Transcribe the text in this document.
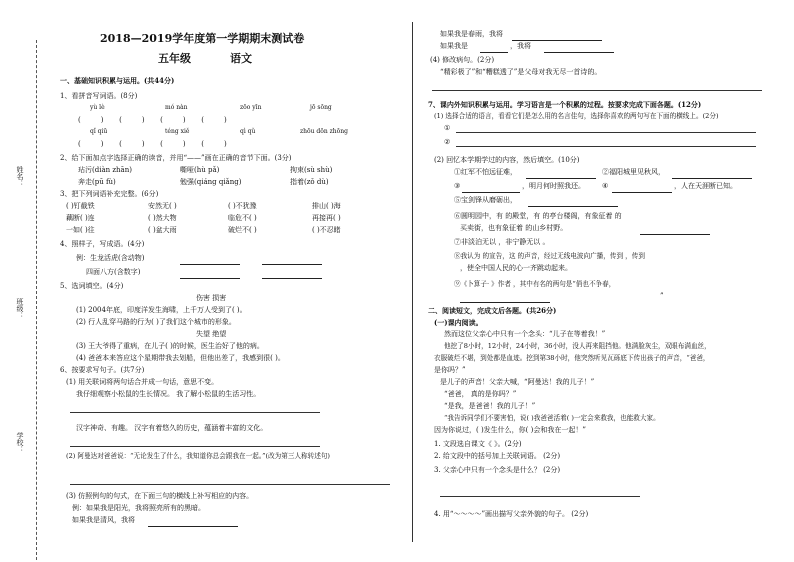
姓名：
班级：
学校：
2018—2019学年度第一学期期末测试卷
五年级	语文
一、基础知识积累与运用。(共44分)
1、看拼音写词语。(8分)
yù lè	mó nàn	zōo yīn	jō sōng
(         )       (         )       (         )       (         )
qǐ qiū	téng xiě	qì qǔ	zhōu dōn zhōng
(         )       (         )       (         )       (         )
2、给下面加点字选择正确的读音，并用“——”画在正确的音节下面。(3分)
玷污(diàn zhān)	嘶哑(hù pǎ)	拘束(sù shù)
奔走(pū fù)	勉强(qiáng qiǎng)	指着(zǒ dù)
3、把下列词语补充完整。(6分)
( )钉截铁	安然无( )	( )不犹豫	排山( )海
藕断( )连	( )然大物	临危不( )	再接再( )
一如( )往	( )盆大雨	破烂不( )	( )不忍睹
4、照样子，写成语。(4分)
例：生龙活虎(含动物)
四面八方(含数字)
5、选词填空。(4分)
伤害 损害
(1) 2004年底，印度洋发生海啸，上千万人受到了( )。
(2) 行人乱穿马路的行为( )了我们这个城市的形象。
失望 绝望
(3) 王大爷得了重病，在儿子( )的时候，医生治好了他的病。
(4) 爸爸本来答应这个星期带我去划船，但他出差了，我感到很( )。
6、按要求写句子。(共7分)
(1) 用关联词将两句话合并成一句话，意思不变。
我仔细观察小松鼠的生长情况。 我了解小松鼠的生活习性。
汉字神奇、有趣。 汉字有着悠久的历史，蕴涵着丰富的文化。
(2) 阿曼达对爸爸说：“无论发生了什么，我知道你总会跟我在一起。”(改为第三人称转述句)
(3) 仿照例句的句式，在下面三句的横线上补写相应的内容。
例：如果我是阳光，我将照亮所有的黑暗。
如果我是清风，我将
如果我是春雨，我将
如果我是	，我将
(4) 修改病句。(2分)
“精彩极了”和“糟糕透了”是父母对我无尽一首诗的。
7、课内外知识积累与运用。学习语言是一个积累的过程。按要求完成下面各题。(12分)
(1) 选择合适的语言，看看它们是怎么用的名言佳句，选择你喜欢的两句写在下面的横线上。(2分)
①
②
(2) 回忆本学期学过的内容，然后填空。(10分)
①红军不怕远征难，	②福阳城里见秋风，
③	，明月何时照我还。 ④	，人在天涯断已知。
⑤宝剑锋从磨砺出，
⑥圆明园中，有 的殿堂，有 的亭台楼阁，有象征着 的
买卖街，也有象征着 的山乡村野。
⑦非淡泊无以 ，非宁静无以 。
⑧我认为 的宣告，这 的声音，经过无线电波向广播，传到 ，传到
，使全中国人民的心一齐跳动起来。
⑨《卜算子· 》作者 ，其中有名的两句是“俏也不争春，
”
二、阅读短文，完成文后各题。(共26分)
(一)课内阅读。
然而这位父亲心中只有一个念头：“儿子在等着我！”
他挖了8小时，12小时，24小时，36小时，没人再来阻挡他。他满脸灰尘，双眼布满血丝，
衣服破烂不堪，到处都是血迹。挖到第38小时，他突然听见瓦砾底下传出孩子的声音，“爸爸，
是你吗？”
是儿子的声音！父亲大喊，“阿曼达！我的儿子！”
“爸爸， 真的是你吗？”
“是我，是爸爸！我的儿子！”
“我告诉同学们不要害怕，说( )我爸爸活着( )一定会来救我，也能救大家。
因为你说过，( )发生什么，你( )会和我在一起！”
1. 文段选自课文《 》。(2分)
2. 给文段中的括号加上关联词语。 (2分)
3. 父亲心中只有一个念头是什么？ (2分)
4. 用“～～～～”画出描写父亲外貌的句子。 (2分)
